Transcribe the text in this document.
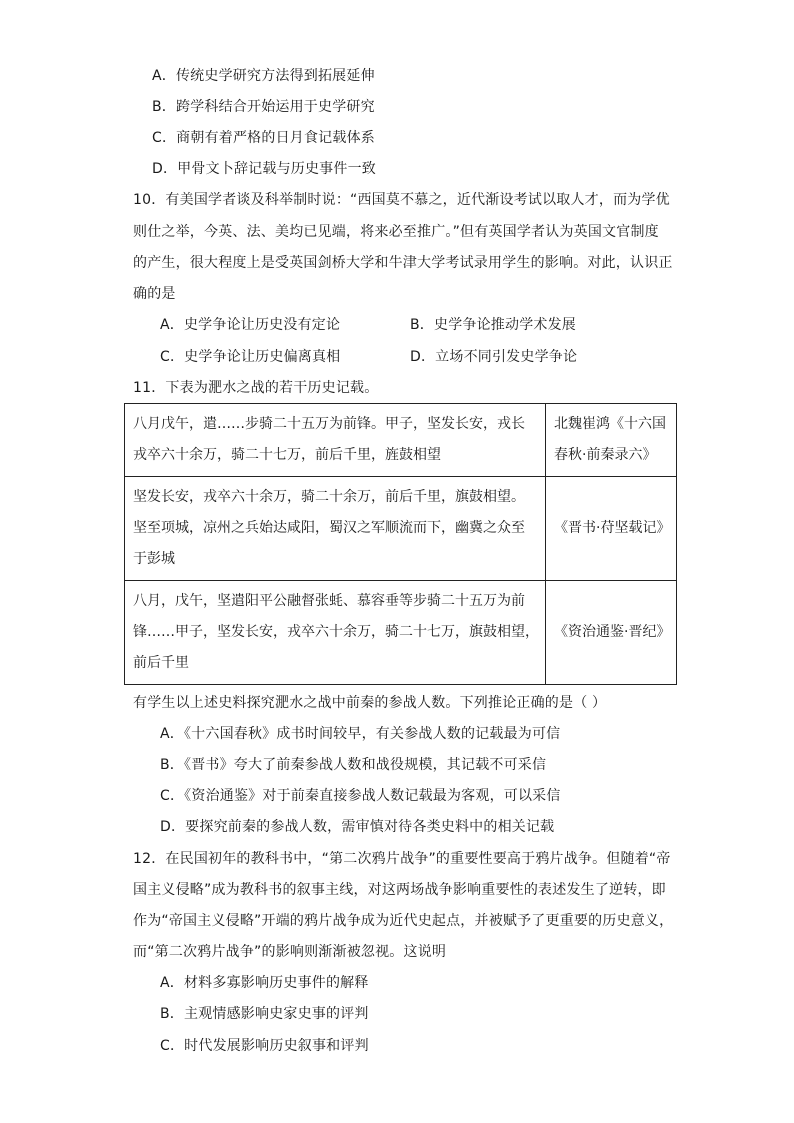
A．传统史学研究方法得到拓展延伸
B．跨学科结合开始运用于史学研究
C．商朝有着严格的日月食记载体系
D．甲骨文卜辞记载与历史事件一致
10．有美国学者谈及科举制时说：“西国莫不慕之，近代渐设考试以取人才，而为学优
则仕之举，今英、法、美均已见端，将来必至推广。”但有英国学者认为英国文官制度
的产生，很大程度上是受英国剑桥大学和牛津大学考试录用学生的影响。对此，认识正
确的是
A．史学争论让历史没有定论	B．史学争论推动学术发展
C．史学争论让历史偏离真相	D．立场不同引发史学争论
11．下表为淝水之战的若干历史记载。
八月戊午，遣……步骑二十五万为前锋。甲子，坚发长安，戎长
戎卒六十余万，骑二十七万，前后千里，旌鼓相望	北魏崔鸿《十六国
春秋·前秦录六》

坚发长安，戎卒六十余万，骑二十余万，前后千里，旗鼓相望。
坚至项城，凉州之兵始达咸阳，蜀汉之军顺流而下，幽冀之众至
于彭城	《晋书·苻坚载记》

八月，戊午，坚遣阳平公融督张蚝、慕容垂等步骑二十五万为前
锋……甲子，坚发长安，戎卒六十余万，骑二十七万，旗鼓相望，
前后千里	《资治通鉴·晋纪》
有学生以上述史料探究淝水之战中前秦的参战人数。下列推论正确的是（ ）
A．《十六国春秋》成书时间较早，有关参战人数的记载最为可信
B．《晋书》夸大了前秦参战人数和战役规模，其记载不可采信
C．《资治通鉴》对于前秦直接参战人数记载最为客观，可以采信
D．要探究前秦的参战人数，需审慎对待各类史料中的相关记载
12．在民国初年的教科书中，“第二次鸦片战争”的重要性要高于鸦片战争。但随着“帝
国主义侵略”成为教科书的叙事主线，对这两场战争影响重要性的表述发生了逆转，即
作为“帝国主义侵略”开端的鸦片战争成为近代史起点，并被赋予了更重要的历史意义，
而“第二次鸦片战争”的影响则渐渐被忽视。这说明
A．材料多寡影响历史事件的解释
B．主观情感影响史家史事的评判
C．时代发展影响历史叙事和评判
